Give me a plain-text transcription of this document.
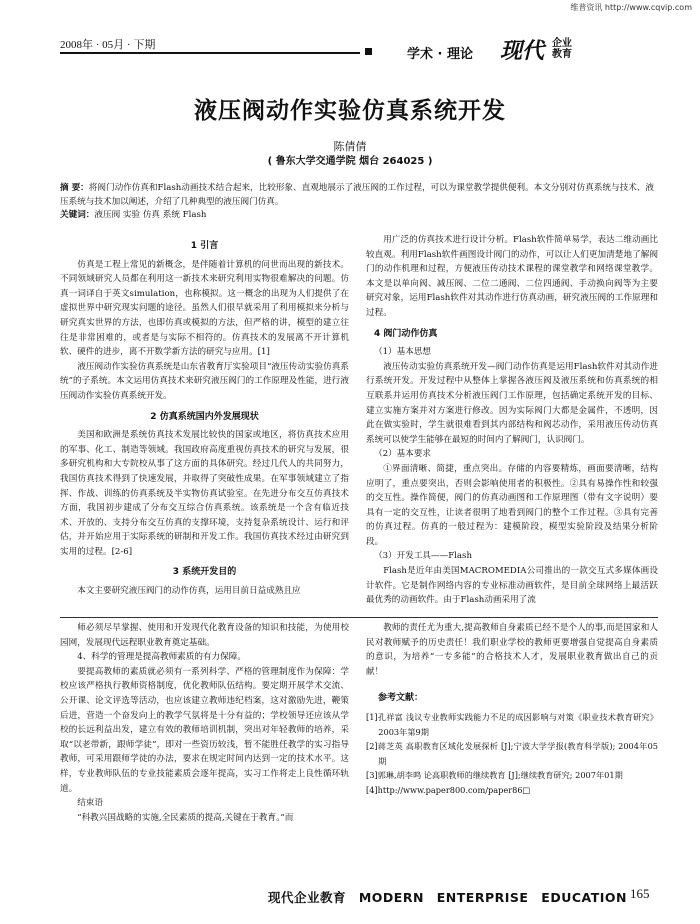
维普资讯 http://www.cqvip.com
2008年 · 05月 · 下期
学术 · 理论 现代 企业教育
液压阀动作实验仿真系统开发
陈倩倩
( 鲁东大学交通学院 烟台 264025 )
摘 要：将阀门动作仿真和Flash动画技术结合起来，比较形象、直观地展示了液压阀的工作过程，可以为课堂教学提供便利。本文分别对仿真系统与技术、液压系统与技术加以阐述，介绍了几种典型的液压阀门仿真。
关键词：液压阀 实验 仿真 系统 Flash

1 引言

仿真是工程上常见的新概念，是伴随着计算机的问世而出现的新技术。不同领域研究人员都在利用这一新技术来研究利用实物很难解决的问题。仿真一词译自于英文simulation，也称模拟。这一概念的出现为人们提供了在虚拟世界中研究现实问题的途径。虽然人们很早就采用了利用模拟来分析与研究真实世界的方法，也即仿真或模拟的方法，但严格的讲，模型的建立往往是非常困难的，或者是与实际不相符的。仿真技术的发展离不开计算机软、硬件的进步，离不开数学新方法的研究与应用。[1]

液压阀动作实验仿真系统是山东省教育厅实验项目“液压传动实验仿真系统”的子系统。本文运用仿真技术来研究液压阀门的工作原理及性能，进行液压阀动作实验仿真系统开发。

2 仿真系统国内外发展现状

美国和欧洲是系统仿真技术发展比较快的国家或地区，将仿真技术应用的军事、化工、制造等领域。我国政府高度重视仿真技术的研究与发展，很多研究机构和大专院校从事了这方面的具体研究。经过几代人的共同努力，我国仿真技术得到了快速发展，并取得了突破性成果。在军事领域建立了指挥、作战、训练的仿真系统及半实物仿真试验室。在先进分布交互仿真技术方面，我国初步建成了分布交互综合仿真系统。该系统是一个含有临近技术、开放的、支持分布交互仿真的支撑环境，支持复杂系统设计、运行和评估，并开始应用于实际系统的研制和开发工作。我国仿真技术经过由研究到实用的过程。[2-6]

3 系统开发目的

本文主要研究液压阀门的动作仿真，运用目前日益成熟且应

用广泛的仿真技术进行设计分析。Flash软件简单易学，表达二维动画比较直观。利用Flash软件画图设计阀门的动作，可以让人们更加清楚地了解阀门的动作机理和过程，方便液压传动技术课程的课堂教学和网络课堂教学。本文是以单向阀、减压阀、二位二通阀、二位四通阀、手动换向阀等为主要研究对象，运用Flash软件对其动作进行仿真动画，研究液压阀的工作原理和过程。

4 阀门动作仿真

（1）基本思想

液压传动实验仿真系统开发—阀门动作仿真是运用Flash软件对其动作进行系统开发。开发过程中从整体上掌握各液压阀及液压系统和仿真系统的相互联系并运用仿真技术分析液压阀门工作原理，包括确定系统开发的目标、建立实施方案并对方案进行修改。因为实际阀门大都是金属件，不透明，因此在做实验时，学生就很难看到其内部结构和阀芯动作，采用液压传动仿真系统可以使学生能够在最短的时间内了解阀门，认识阀门。

（2）基本要求

①界面清晰、简捷，重点突出。存储的内容要精炼，画面要清晰，结构应明了，重点要突出，否则会影响使用者的积极性。②具有易操作性和较强的交互性。操作简便，阀门的仿真动画图和工作原理图（带有文字说明）要具有一定的交互性，让读者很明了地看到阀门的整个工作过程。③具有完善的仿真过程。仿真的一般过程为：建模阶段，模型实验阶段及结果分析阶段。

（3）开发工具——Flash

Flash是近年由美国MACROMEDIA公司推出的一款交互式多媒体画设计软件。它是制作网络内容的专业标准动画软件，是目前全球网络上最活跃最优秀的动画软件。由于Flash动画采用了流

师必须尽早掌握、使用和开发现代化教育设备的知识和技能，为使用校园网，发展现代远程职业教育奠定基础。

4、科学的管理是提高教师素质的有力保障。

要提高教师的素质就必须有一系列科学、严格的管理制度作为保障：学校应该严格执行教师资格制度，优化教师队伍结构。要定期开展学术交流、公开课、论文评选等活动，也应该建立教师违纪档案，这对激励先进，鞭策后进，营造一个奋发向上的教学气氛将是十分有益的；学校领导还应该从学校的长远利益出发，建立有效的教师培训机制，突出对年轻教师的培养，采取“以老带新，跟师学徒”，即对一些资历较浅，暂不能胜任教学的实习指导教师，可采用跟师学徒的办法，要求在规定时间内达到一定的技术水平。这样，专业教师队伍的专业技能素质会逐年提高，实习工作将走上良性循环轨道。

结束语

“科教兴国战略的实施,全民素质的提高,关键在于教育。”而

教师的责任尤为重大,提高教师自身素质已经不是个人的事,而是国家和人民对教师赋予的历史责任！我们职业学校的教师更要增强自觉提高自身素质的意识，为培养“一专多能”的合格技术人才，发展职业教育做出自己的贡献！

参考文献：

[1]孔祥富 浅议专业教师实践能力不足的成因影响与对策《职业技术教育研究》2003年第9期
[2]蒋芝英 高职教育区域化发展探析 [J];宁波大学学报(教育科学版); 2004年05期
[3]郭琳,胡李鸣 论高职教师的继续教育 [J];继续教育研究; 2007年01期
[4]http://www.paper800.com/paper86□
现代企业教育 MODERN ENTERPRISE EDUCATION 165
